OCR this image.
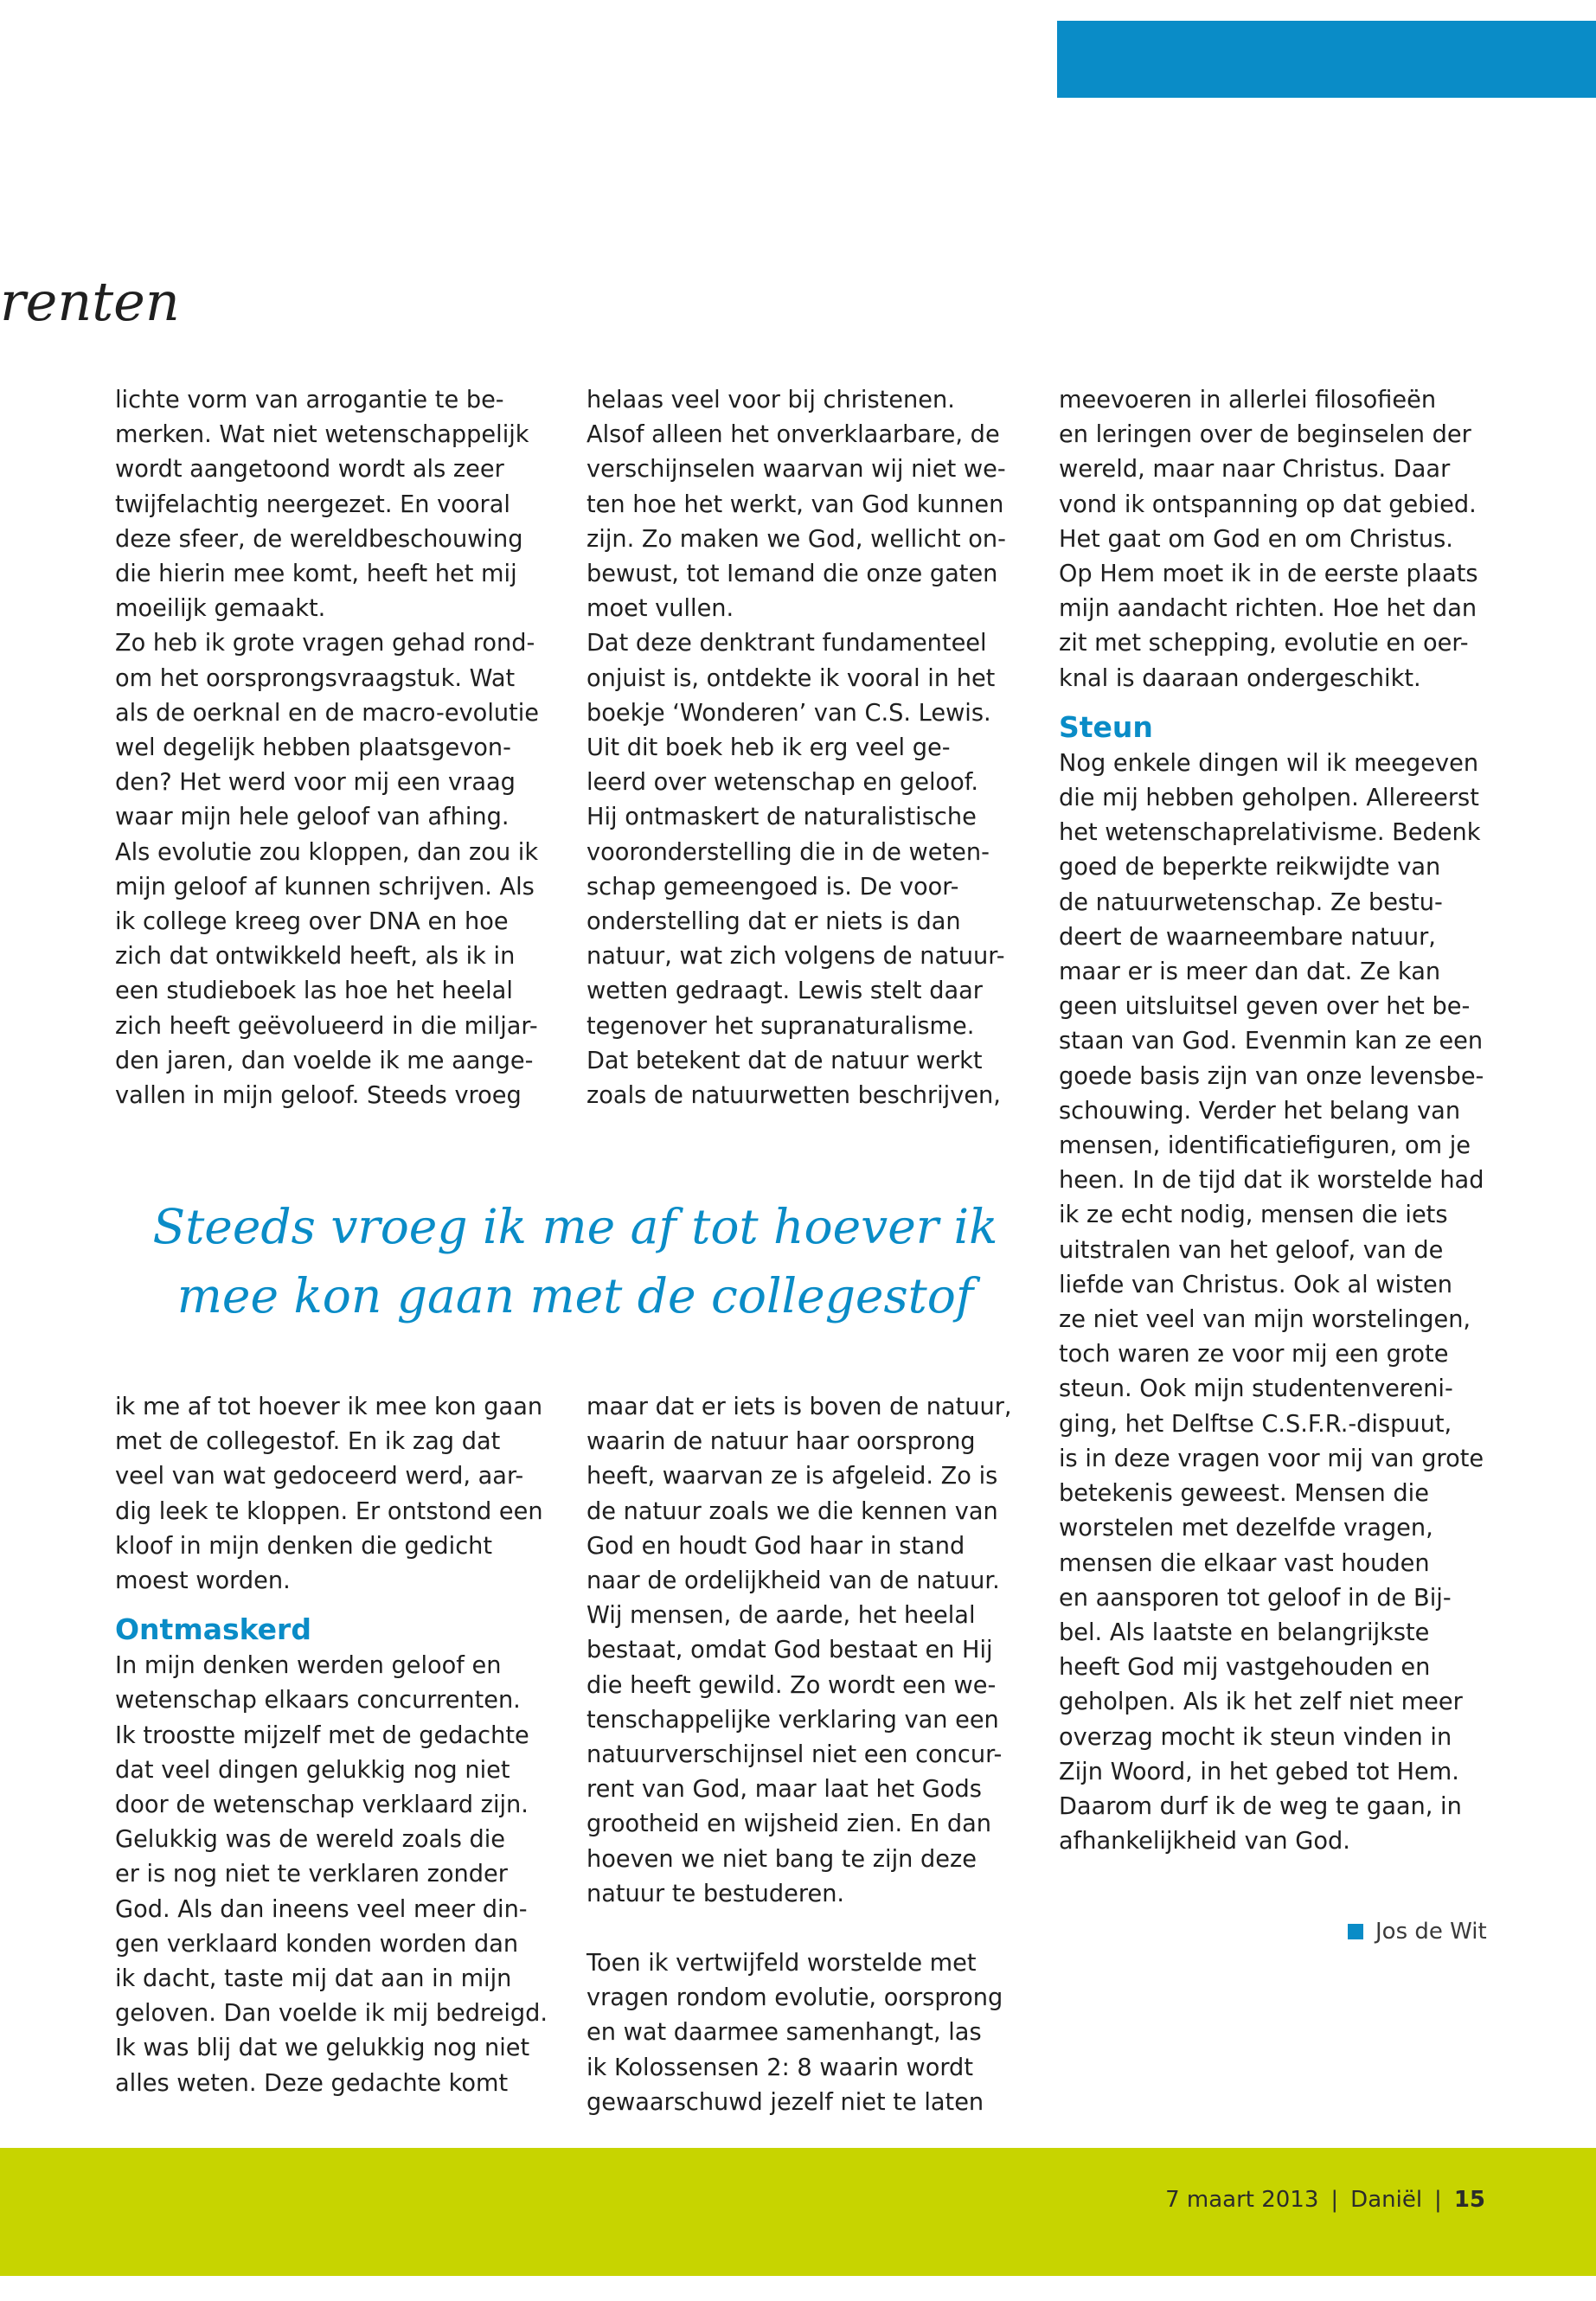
renten
lichte vorm van arrogantie te be-
merken. Wat niet wetenschappelijk
wordt aangetoond wordt als zeer
twijfelachtig neergezet. En vooral
deze sfeer, de wereldbeschouwing
die hierin mee komt, heeft het mij
moeilijk gemaakt.
Zo heb ik grote vragen gehad rond-
om het oorsprongsvraagstuk. Wat
als de oerknal en de macro-evolutie
wel degelijk hebben plaatsgevon-
den? Het werd voor mij een vraag
waar mijn hele geloof van afhing.
Als evolutie zou kloppen, dan zou ik
mijn geloof af kunnen schrijven. Als
ik college kreeg over DNA en hoe
zich dat ontwikkeld heeft, als ik in
een studieboek las hoe het heelal
zich heeft geëvolueerd in die miljar-
den jaren, dan voelde ik me aange-
vallen in mijn geloof. Steeds vroeg
helaas veel voor bij christenen.
Alsof alleen het onverklaarbare, de
verschijnselen waarvan wij niet we-
ten hoe het werkt, van God kunnen
zijn. Zo maken we God, wellicht on-
bewust, tot Iemand die onze gaten
moet vullen.
Dat deze denktrant fundamenteel
onjuist is, ontdekte ik vooral in het
boekje ‘Wonderen’ van C.S. Lewis.
Uit dit boek heb ik erg veel ge-
leerd over wetenschap en geloof.
Hij ontmaskert de naturalistische
vooronderstelling die in de weten-
schap gemeengoed is. De voor-
onderstelling dat er niets is dan
natuur, wat zich volgens de natuur-
wetten gedraagt. Lewis stelt daar
tegenover het supranaturalisme.
Dat betekent dat de natuur werkt
zoals de natuurwetten beschrijven,
meevoeren in allerlei filosofieën
en leringen over de beginselen der
wereld, maar naar Christus. Daar
vond ik ontspanning op dat gebied.
Het gaat om God en om Christus.
Op Hem moet ik in de eerste plaats
mijn aandacht richten. Hoe het dan
zit met schepping, evolutie en oer-
knal is daaraan ondergeschikt.
Steun
Nog enkele dingen wil ik meegeven
die mij hebben geholpen. Allereerst
het wetenschaprelativisme. Bedenk
goed de beperkte reikwijdte van
de natuurwetenschap. Ze bestu-
deert de waarneembare natuur,
maar er is meer dan dat. Ze kan
geen uitsluitsel geven over het be-
staan van God. Evenmin kan ze een
goede basis zijn van onze levensbe-
schouwing. Verder het belang van
mensen, identificatiefiguren, om je
heen. In de tijd dat ik worstelde had
ik ze echt nodig, mensen die iets
uitstralen van het geloof, van de
liefde van Christus. Ook al wisten
ze niet veel van mijn worstelingen,
toch waren ze voor mij een grote
steun. Ook mijn studentenvereni-
ging, het Delftse C.S.F.R.-dispuut,
is in deze vragen voor mij van grote
betekenis geweest. Mensen die
worstelen met dezelfde vragen,
mensen die elkaar vast houden
en aansporen tot geloof in de Bij-
bel. Als laatste en belangrijkste
heeft God mij vastgehouden en
geholpen. Als ik het zelf niet meer
overzag mocht ik steun vinden in
Zijn Woord, in het gebed tot Hem.
Daarom durf ik de weg te gaan, in
afhankelijkheid van God.
Steeds vroeg ik me af tot hoever ik
mee kon gaan met de collegestof
ik me af tot hoever ik mee kon gaan
met de collegestof. En ik zag dat
veel van wat gedoceerd werd, aar-
dig leek te kloppen. Er ontstond een
kloof in mijn denken die gedicht
moest worden.
Ontmaskerd
In mijn denken werden geloof en
wetenschap elkaars concurrenten.
Ik troostte mijzelf met de gedachte
dat veel dingen gelukkig nog niet
door de wetenschap verklaard zijn.
Gelukkig was de wereld zoals die
er is nog niet te verklaren zonder
God. Als dan ineens veel meer din-
gen verklaard konden worden dan
ik dacht, taste mij dat aan in mijn
geloven. Dan voelde ik mij bedreigd.
Ik was blij dat we gelukkig nog niet
alles weten. Deze gedachte komt
maar dat er iets is boven de natuur,
waarin de natuur haar oorsprong
heeft, waarvan ze is afgeleid. Zo is
de natuur zoals we die kennen van
God en houdt God haar in stand
naar de ordelijkheid van de natuur.
Wij mensen, de aarde, het heelal
bestaat, omdat God bestaat en Hij
die heeft gewild. Zo wordt een we-
tenschappelijke verklaring van een
natuurverschijnsel niet een concur-
rent van God, maar laat het Gods
grootheid en wijsheid zien. En dan
hoeven we niet bang te zijn deze
natuur te bestuderen.
Toen ik vertwijfeld worstelde met
vragen rondom evolutie, oorsprong
en wat daarmee samenhangt, las
ik Kolossensen 2: 8 waarin wordt
gewaarschuwd jezelf niet te laten
Jos de Wit
7 maart 2013 | Daniël | 15
